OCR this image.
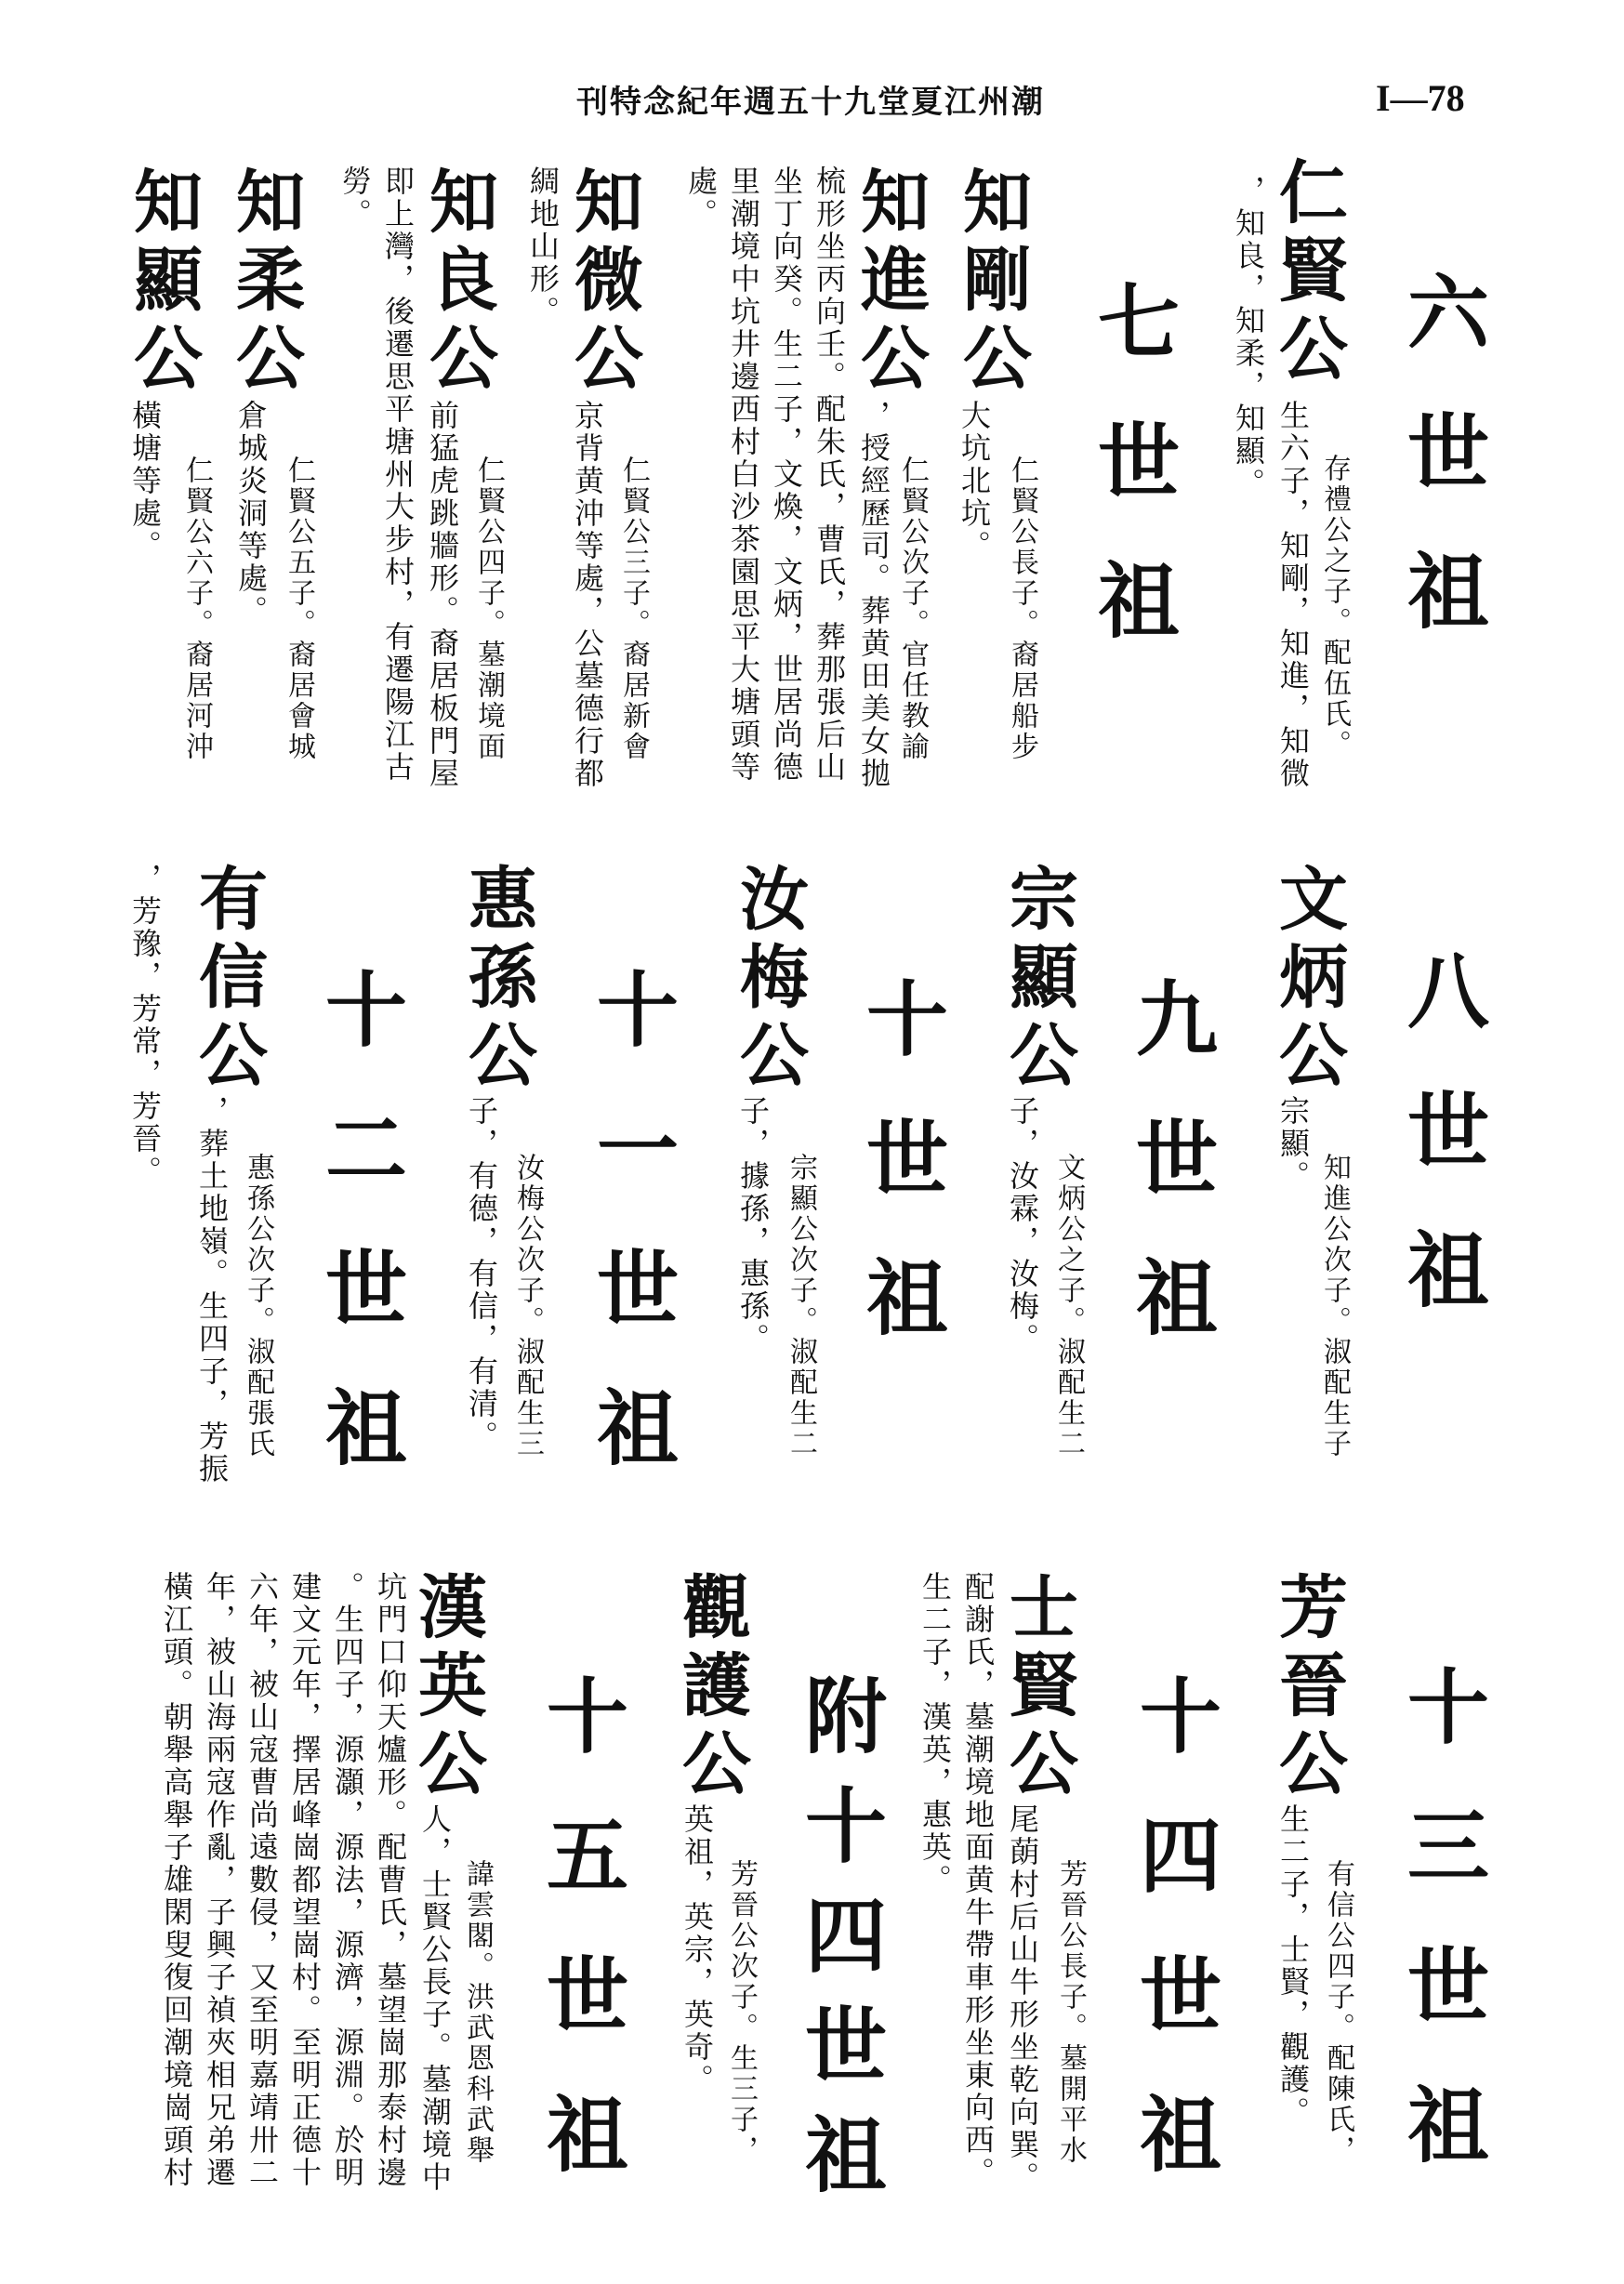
刊特念紀年週五十九堂夏江州潮	I—78
六世祖
仁賢公
存禮公之子。配伍氏。
生六子，知剛，知進，知微
，知良，知柔，知顯。
七世祖
知剛公
仁賢公長子。裔居船步
大坑北坑。
知進公
仁賢公次子。官任教諭
，授經歷司。葬黄田美女拋
梳形坐丙向壬。配朱氏，曹氏，葬那張后山
坐丁向癸。生二子，文煥，文炳，世居尚德
里潮境中坑井邊西村白沙茶園思平大塘頭等
處。
知微公
仁賢公三子。裔居新會
京背黄沖等處，公墓德行都
綢地山形。
知良公
仁賢公四子。墓潮境面
前猛虎跳牆形。裔居板門屋
即上灣，後遷思平塘州大步村，有遷陽江古
勞。
知柔公
仁賢公五子。裔居會城
倉城炎洞等處。
知顯公
仁賢公六子。裔居河沖
橫塘等處。
八世祖
文炳公
知進公次子。淑配生子
宗顯。
九世祖
宗顯公
文炳公之子。淑配生二
子，汝霖，汝梅。
十世祖
汝梅公
宗顯公次子。淑配生二
子，據孫，惠孫。
十一世祖
惠孫公
汝梅公次子。淑配生三
子，有德，有信，有清。
十二世祖
有信公
惠孫公次子。淑配張氏
，葬土地嶺。生四子，芳振
，芳豫，芳常，芳晉。
十三世祖
芳晉公
有信公四子。配陳氏，
生二子，士賢，觀護。
十四世祖
士賢公
芳晉公長子。墓開平水
尾蓢村后山牛形坐乾向巽。
配謝氏，墓潮境地面黄牛帶車形坐東向西。
生二子，漢英，惠英。
附十四世祖
觀護公
芳晉公次子。生三子，
英祖，英宗，英奇。
十五世祖
漢英公
諱雲閣。洪武恩科武舉
人，士賢公長子。墓潮境中
坑門口仰天爐形。配曹氏，墓望崗那泰村邊
。生四子，源灝，源法，源濟，源淵。於明
建文元年，擇居峰崗都望崗村。至明正德十
六年，被山寇曹尚遠數侵，又至明嘉靖卅二
年，被山海兩寇作亂，子興子禎夾相兄弟遷
橫江頭。朝舉高舉子雄閑叟復回潮境崗頭村
